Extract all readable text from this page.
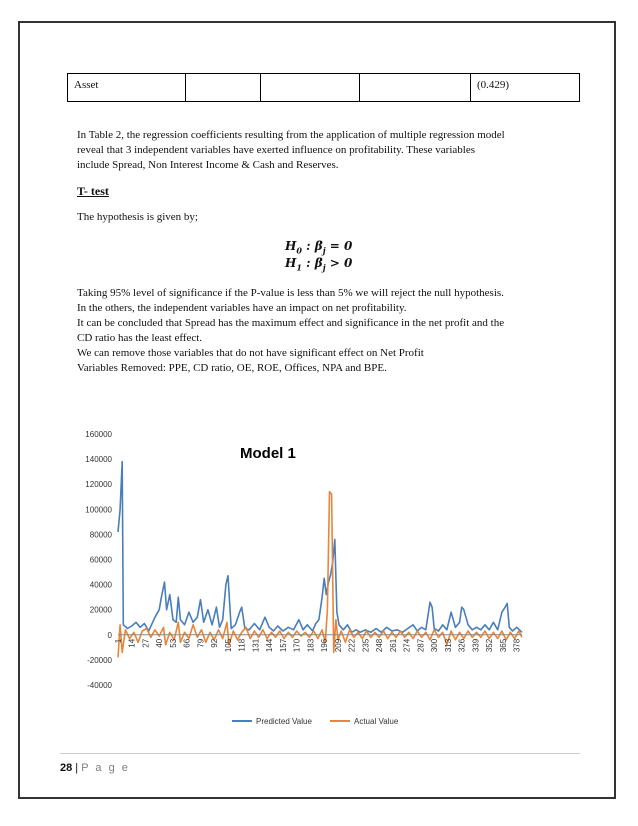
Asset				(0.429)
In Table 2, the regression coefficients resulting from the application of multiple regression model
reveal that 3 independent variables have exerted influence on profitability. These variables
include Spread, Non Interest Income & Cash and Reserves.
T- test
The hypothesis is given by;
$H_0$ : $\beta_j = 0$
$H_1$ : $\beta_j > 0$
Taking 95% level of significance if the P-value is less than 5% we will reject the null hypothesis.
In the others, the independent variables have an impact on net profitability.
It can be concluded that Spread has the maximum effect and significance in the net profit and the
CD ratio has the least effect.
We can remove those variables that do not have significant effect on Net Profit
Variables Removed: PPE, CD ratio, OE, ROE, Offices, NPA and BPE.
160000
140000
120000
100000
80000
60000
40000
20000
0
-20000
-40000
1 14 27 40 53 66 79 92 105 118 131 144 157 170 183 196 209 222 235 248 261 274 287 300 313 326 339 352 365 378
Model 1
Predicted Value	Actual Value
28 | P a g e
